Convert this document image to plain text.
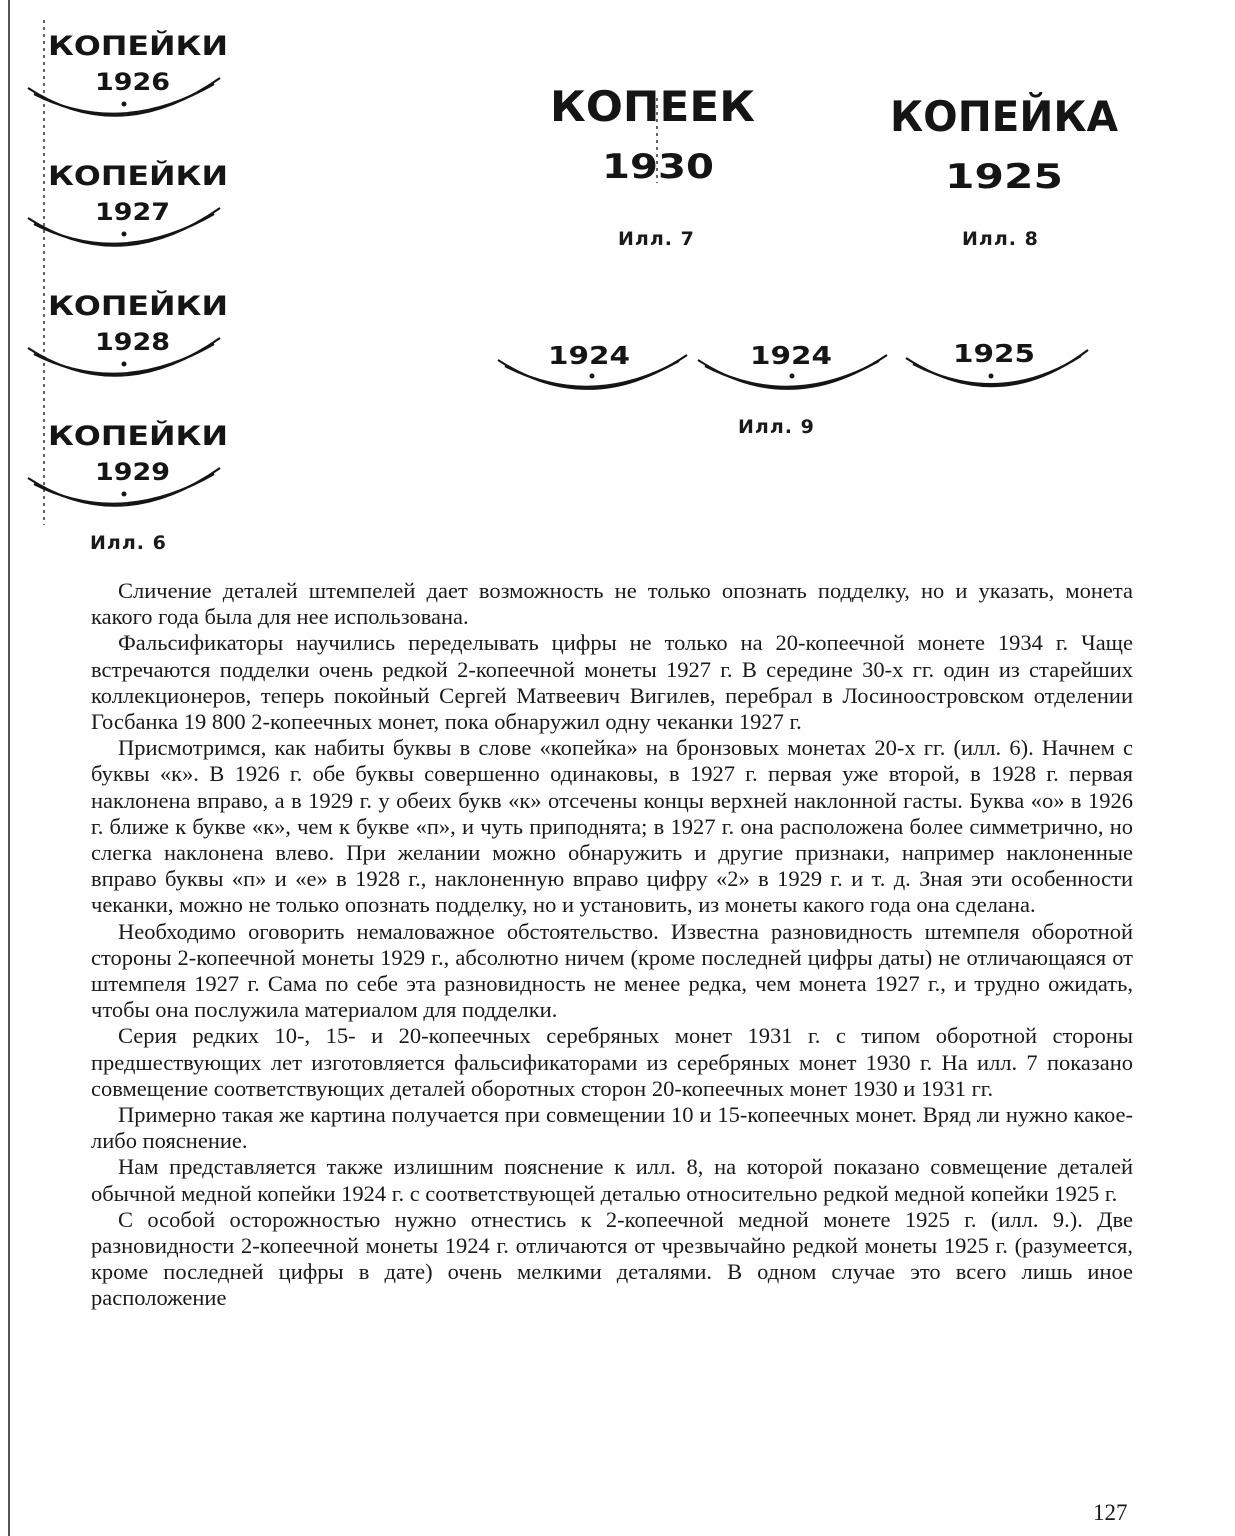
КОПЕЙКИ
1926
КОПЕЙКИ
1927
КОПЕЙКИ
1928
КОПЕЙКИ
1929
Илл. 6
КОПЕЕК
1930
Илл. 7
КОПЕЙКА
1925
Илл. 8
1924	1924	1925
Илл. 9

Сличение деталей штемпелей дает возможность не только опознать подделку, но и указать, монета какого года была для нее использована.

Фальсификаторы научились переделывать цифры не только на 20-копеечной монете 1934 г. Чаще встречаются подделки очень редкой 2-копеечной монеты 1927 г. В середине 30-х гг. один из старейших коллекционеров, теперь покойный Сергей Матвеевич Вигилев, перебрал в Лосиноостровском отделении Госбанка 19 800 2-копеечных монет, пока обнаружил одну чеканки 1927 г.

Присмотримся, как набиты буквы в слове «копейка» на бронзовых монетах 20-х гг. (илл. 6). Начнем с буквы «к». В 1926 г. обе буквы совершенно одинаковы, в 1927 г. первая уже второй, в 1928 г. первая наклонена вправо, а в 1929 г. у обеих букв «к» отсечены концы верхней наклонной гасты. Буква «о» в 1926 г. ближе к букве «к», чем к букве «п», и чуть приподнята; в 1927 г. она расположена более симметрично, но слегка наклонена влево. При желании можно обнаружить и другие признаки, например наклоненные вправо буквы «п» и «е» в 1928 г., наклоненную вправо цифру «2» в 1929 г. и т. д. Зная эти особенности чеканки, можно не только опознать подделку, но и установить, из монеты какого года она сделана.

Необходимо оговорить немаловажное обстоятельство. Известна разновидность штемпеля оборотной стороны 2-копеечной монеты 1929 г., абсолютно ничем (кроме последней цифры даты) не отличающаяся от штемпеля 1927 г. Сама по себе эта разновидность не менее редка, чем монета 1927 г., и трудно ожидать, чтобы она послужила материалом для подделки.

Серия редких 10-, 15- и 20-копеечных серебряных монет 1931 г. с типом оборотной стороны предшествующих лет изготовляется фальсификаторами из серебряных монет 1930 г. На илл. 7 показано совмещение соответствующих деталей оборотных сторон 20-копеечных монет 1930 и 1931 гг.

Примерно такая же картина получается при совмещении 10 и 15-копеечных монет. Вряд ли нужно какое-либо пояснение.

Нам представляется также излишним пояснение к илл. 8, на которой показано совмещение деталей обычной медной копейки 1924 г. с соответствующей деталью относительно редкой медной копейки 1925 г.

С особой осторожностью нужно отнестись к 2-копеечной медной монете 1925 г. (илл. 9.). Две разновидности 2-копеечной монеты 1924 г. отличаются от чрезвычайно редкой монеты 1925 г. (разумеется, кроме последней цифры в дате) очень мелкими деталями. В одном случае это всего лишь иное расположение

127
